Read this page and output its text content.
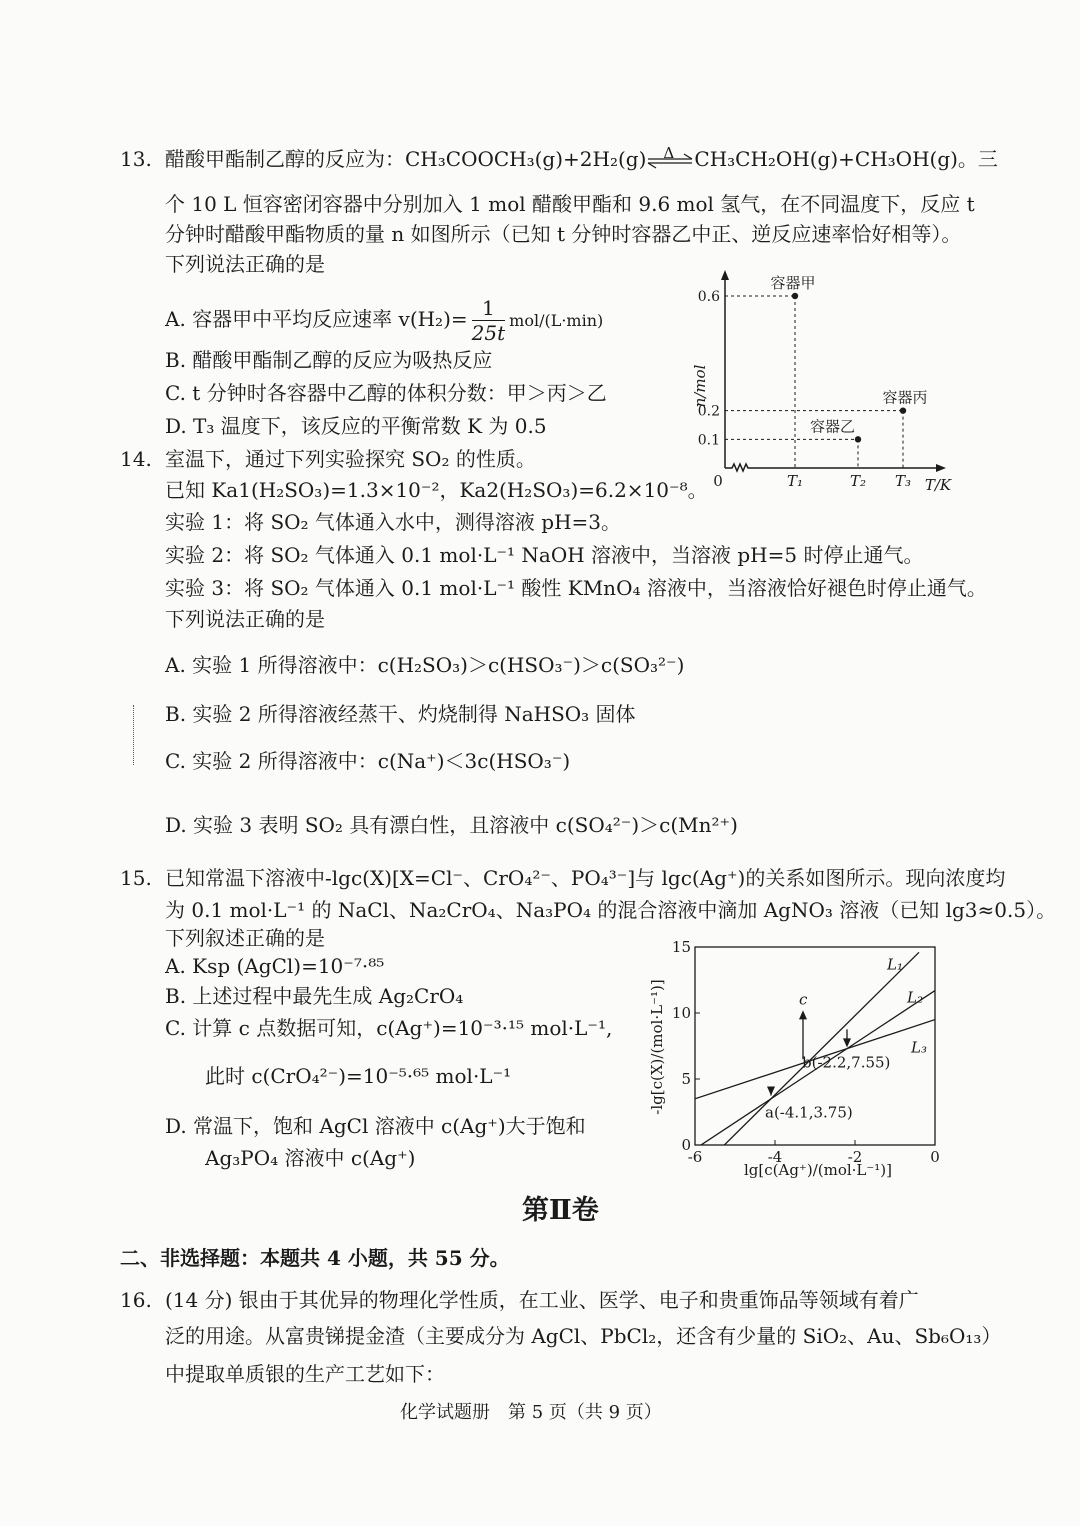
13. 醋酸甲酯制乙醇的反应为：CH₃COOCH₃(g)+2H₂(g) Δ CH₃CH₂OH(g)+CH₃OH(g)。三
个 10 L 恒容密闭容器中分别加入 1 mol 醋酸甲酯和 9.6 mol 氢气，在不同温度下，反应 t
分钟时醋酸甲酯物质的量 n 如图所示（已知 t 分钟时容器乙中正、逆反应速率恰好相等）。
下列说法正确的是
A. 容器甲中平均反应速率 $v(H_2)= \frac{1}{25t} mol/(L\cdot\min)$
B. 醋酸甲酯制乙醇的反应为吸热反应
C. t 分钟时各容器中乙醇的体积分数：甲＞丙＞乙
D. T₃ 温度下，该反应的平衡常数 K 为 0.5
0	T/K
n/mol
0.6
0.2
0.1
T₁	T₂ T₃
容器甲
容器乙
容器丙
14. 室温下，通过下列实验探究 SO₂ 的性质。
已知 Ka1(H₂SO₃)=1.3×10⁻²，Ka2(H₂SO₃)=6.2×10⁻⁸。
实验 1：将 SO₂ 气体通入水中，测得溶液 pH=3。
实验 2：将 SO₂ 气体通入 0.1 mol·L⁻¹ NaOH 溶液中，当溶液 pH=5 时停止通气。
实验 3：将 SO₂ 气体通入 0.1 mol·L⁻¹ 酸性 KMnO₄ 溶液中，当溶液恰好褪色时停止通气。
下列说法正确的是
A. 实验 1 所得溶液中：c(H₂SO₃)＞c(HSO₃⁻)＞c(SO₃²⁻)
B. 实验 2 所得溶液经蒸干、灼烧制得 NaHSO₃ 固体
C. 实验 2 所得溶液中：c(Na⁺)＜3c(HSO₃⁻)
D. 实验 3 表明 SO₂ 具有漂白性，且溶液中 c(SO₄²⁻)＞c(Mn²⁺)
15. 已知常温下溶液中-lgc(X)[X=Cl⁻、CrO₄²⁻、PO₄³⁻]与 lgc(Ag⁺)的关系如图所示。现向浓度均
为 0.1 mol·L⁻¹ 的 NaCl、Na₂CrO₄、Na₃PO₄ 的混合溶液中滴加 AgNO₃ 溶液（已知 lg3≈0.5）。
下列叙述正确的是
A. Ksp (AgCl)=10⁻⁷·⁸⁵
B. 上述过程中最先生成 Ag₂CrO₄
C. 计算 c 点数据可知，c(Ag⁺)=10⁻³·¹⁵ mol·L⁻¹,
此时 c(CrO₄²⁻)=10⁻⁵·⁶⁵ mol·L⁻¹
D. 常温下，饱和 AgCl 溶液中 c(Ag⁺)大于饱和
Ag₃PO₄ 溶液中 c(Ag⁺)
-lg[c(X)/(mol·L⁻¹)]
lg[c(Ag⁺)/(mol·L⁻¹)]
15
10
5
0
-6	-4	-2	0
L₁
L₂
L₃
a(-4.1,3.75)
b(-2.2,7.55)
c
第Ⅱ卷
二、非选择题：本题共 4 小题，共 55 分。
16. (14 分) 银由于其优异的物理化学性质，在工业、医学、电子和贵重饰品等领域有着广
泛的用途。从富贵锑提金渣（主要成分为 AgCl、PbCl₂，还含有少量的 SiO₂、Au、Sb₆O₁₃）
中提取单质银的生产工艺如下：
化学试题册　第 5 页（共 9 页）
